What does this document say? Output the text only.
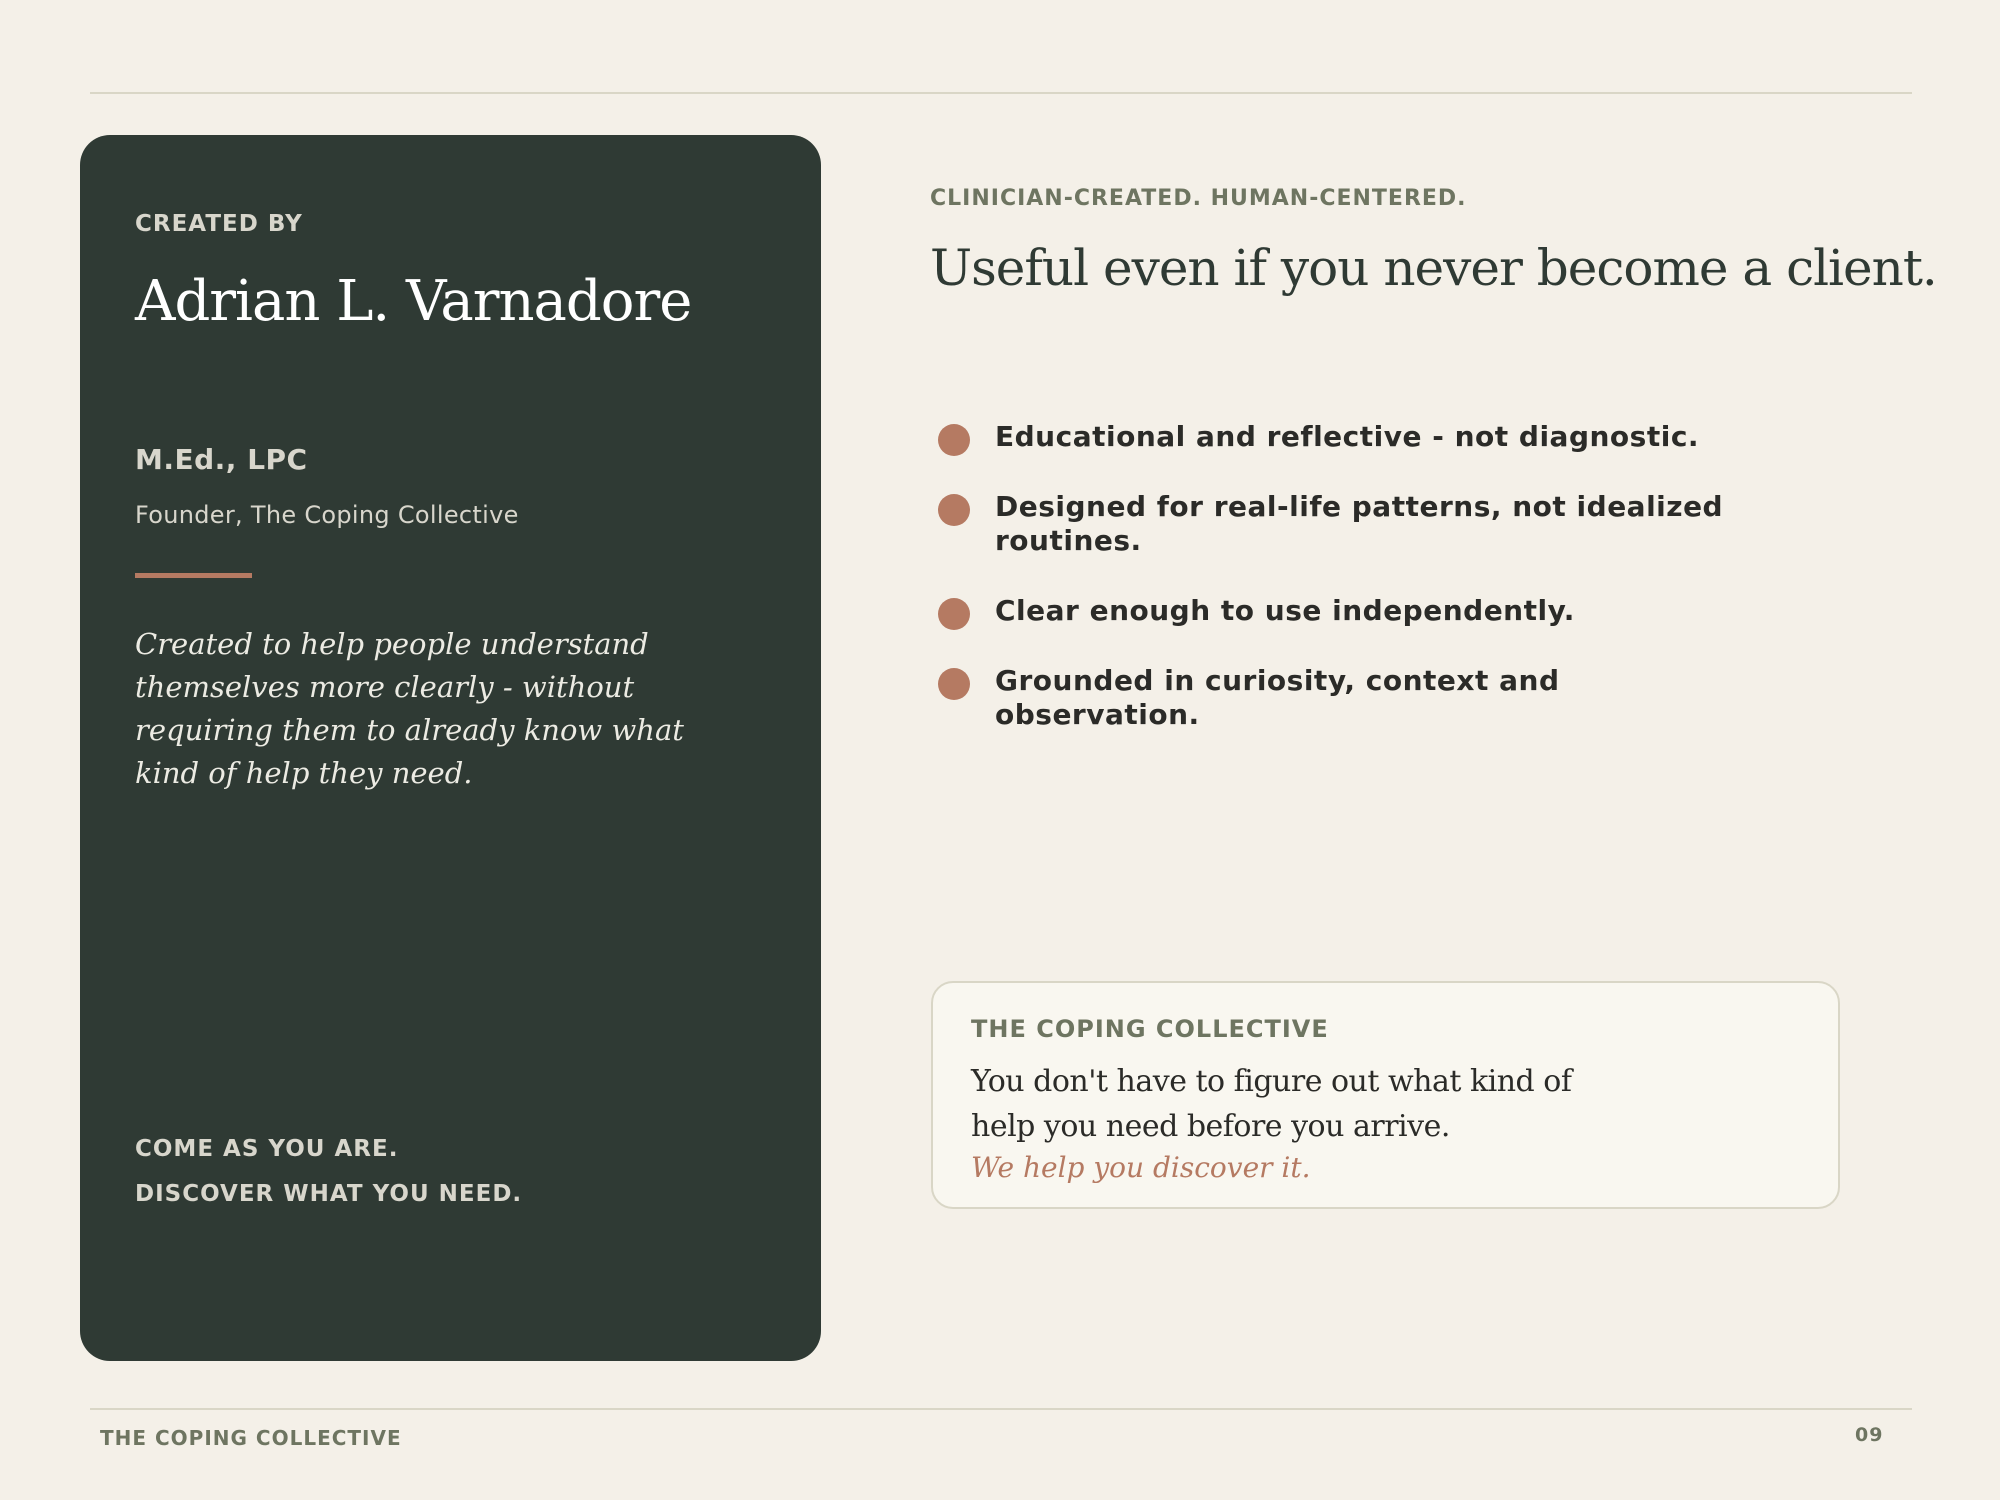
CREATED BY
Adrian L. Varnadore
M.Ed., LPC
Founder, The Coping Collective
Created to help people understand themselves more clearly - without requiring them to already know what kind of help they need.
COME AS YOU ARE.
DISCOVER WHAT YOU NEED.
CLINICIAN-CREATED. HUMAN-CENTERED.
Useful even if you never become a client.
Educational and reflective - not diagnostic.
Designed for real-life patterns, not idealized routines.
Clear enough to use independently.
Grounded in curiosity, context and observation.
THE COPING COLLECTIVE
You don't have to figure out what kind of help you need before you arrive.
We help you discover it.
THE COPING COLLECTIVE	09
